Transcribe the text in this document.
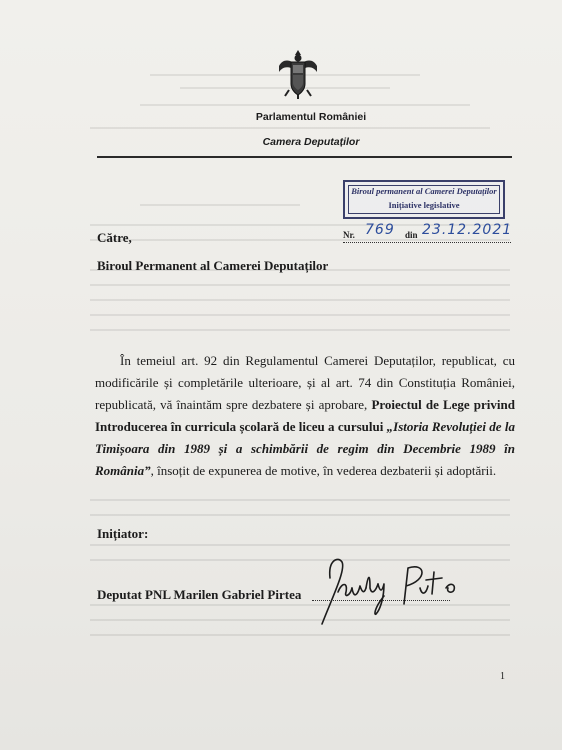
Parlamentul României
Camera Deputaților
Biroul permanent al Camerei Deputaților
Inițiative legislative
Către,	Nr.	din
769 23.12.2021
Biroul Permanent al Camerei Deputaților
În temeiul art. 92 din Regulamentul Camerei Deputaților, republicat, cu modificările și completările ulterioare, și al art. 74 din Constituția României, republicată, vă înaintăm spre dezbatere și aprobare, Proiectul de Lege privind Introducerea în curricula școlară de liceu a cursului „Istoria Revoluției de la Timișoara din 1989 și a schimbării de regim din Decembrie 1989 în România”, însoțit de expunerea de motive, în vederea dezbaterii și adoptării.
Inițiator:
Deputat PNL Marilen Gabriel Pirtea
1
